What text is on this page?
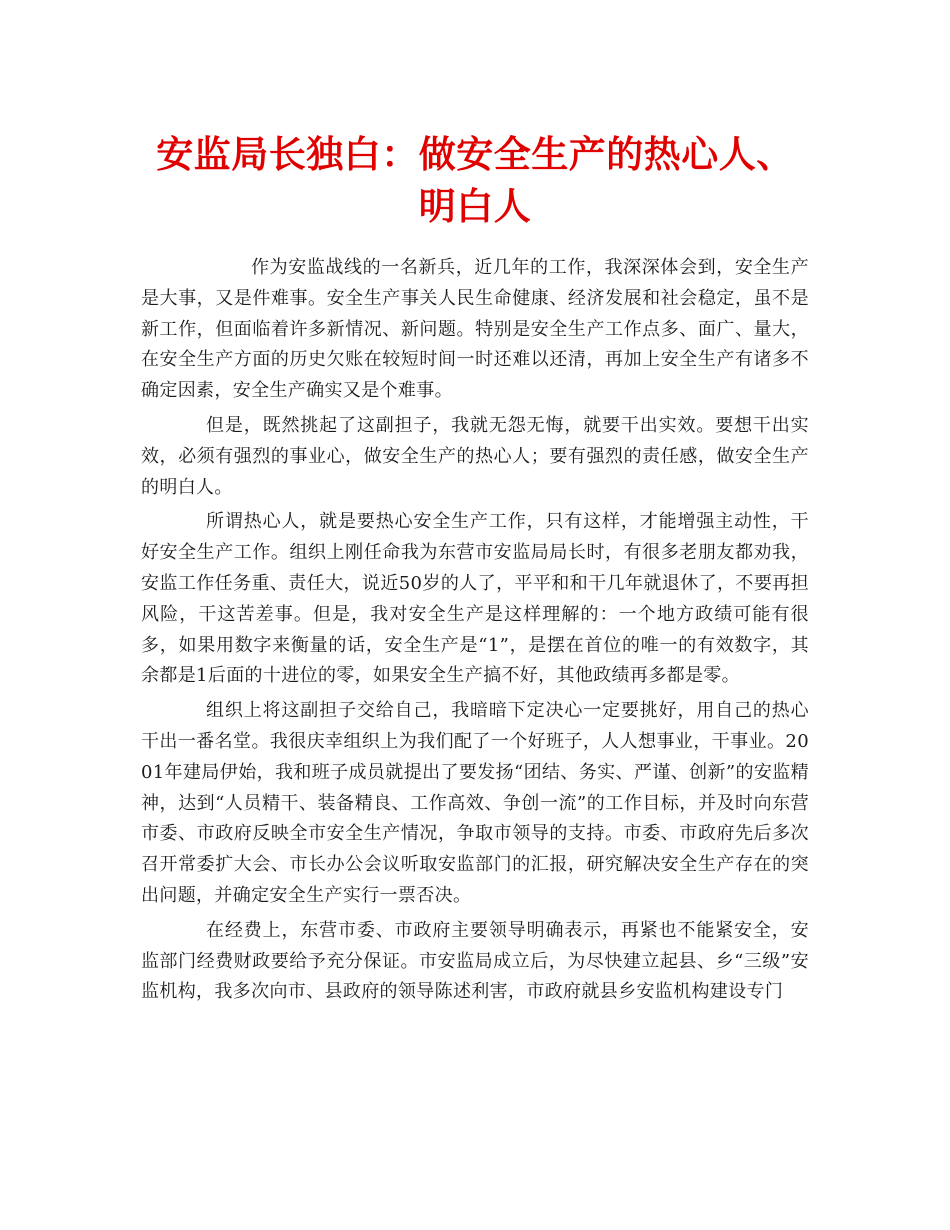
安监局长独白：做安全生产的热心人、明白人

作为安监战线的一名新兵，近几年的工作，我深深体会到，安全生产是大事，又是件难事。安全生产事关人民生命健康、经济发展和社会稳定，虽不是新工作，但面临着许多新情况、新问题。特别是安全生产工作点多、面广、量大，在安全生产方面的历史欠账在较短时间一时还难以还清，再加上安全生产有诸多不确定因素，安全生产确实又是个难事。

但是，既然挑起了这副担子，我就无怨无悔，就要干出实效。要想干出实效，必须有强烈的事业心，做安全生产的热心人；要有强烈的责任感，做安全生产的明白人。

所谓热心人，就是要热心安全生产工作，只有这样，才能增强主动性，干好安全生产工作。组织上刚任命我为东营市安监局局长时，有很多老朋友都劝我，安监工作任务重、责任大，说近50岁的人了，平平和和干几年就退休了，不要再担风险，干这苦差事。但是，我对安全生产是这样理解的：一个地方政绩可能有很多，如果用数字来衡量的话，安全生产是“1”，是摆在首位的唯一的有效数字，其余都是1后面的十进位的零，如果安全生产搞不好，其他政绩再多都是零。

组织上将这副担子交给自己，我暗暗下定决心一定要挑好，用自己的热心干出一番名堂。我很庆幸组织上为我们配了一个好班子，人人想事业，干事业。2001年建局伊始，我和班子成员就提出了要发扬“团结、务实、严谨、创新”的安监精神，达到“人员精干、装备精良、工作高效、争创一流”的工作目标，并及时向东营市委、市政府反映全市安全生产情况，争取市领导的支持。市委、市政府先后多次召开常委扩大会、市长办公会议听取安监部门的汇报，研究解决安全生产存在的突出问题，并确定安全生产实行一票否决。

在经费上，东营市委、市政府主要领导明确表示，再紧也不能紧安全，安监部门经费财政要给予充分保证。市安监局成立后，为尽快建立起县、乡“三级”安监机构，我多次向市、县政府的领导陈述利害，市政府就县乡安监机构建设专门
